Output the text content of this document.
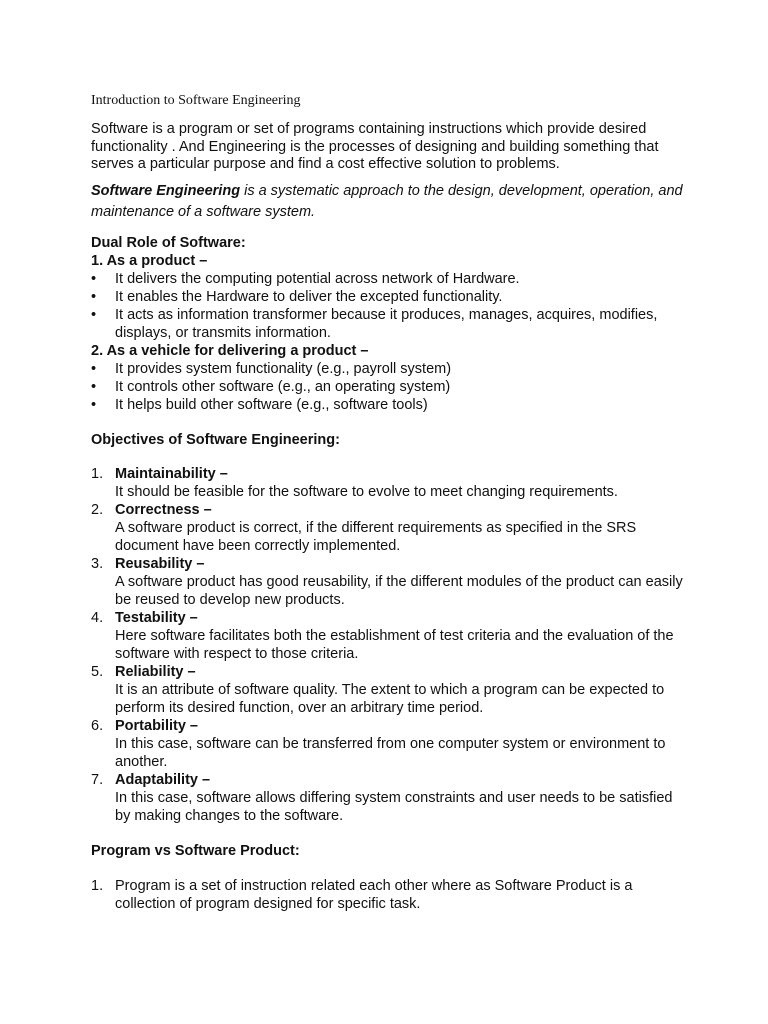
Introduction to Software Engineering
Software is a program or set of programs containing instructions which provide desired functionality . And Engineering is the processes of designing and building something that serves a particular purpose and find a cost effective solution to problems.
Software Engineering is a systematic approach to the design, development, operation, and maintenance of a software system.
Dual Role of Software:
1. As a product –
• It delivers the computing potential across network of Hardware.
• It enables the Hardware to deliver the excepted functionality.
• It acts as information transformer because it produces, manages, acquires, modifies, displays, or transmits information.
2. As a vehicle for delivering a product –
• It provides system functionality (e.g., payroll system)
• It controls other software (e.g., an operating system)
• It helps build other software (e.g., software tools)
Objectives of Software Engineering:
1. Maintainability –
It should be feasible for the software to evolve to meet changing requirements.
2. Correctness –
A software product is correct, if the different requirements as specified in the SRS document have been correctly implemented.
3. Reusability –
A software product has good reusability, if the different modules of the product can easily be reused to develop new products.
4. Testability –
Here software facilitates both the establishment of test criteria and the evaluation of the software with respect to those criteria.
5. Reliability –
It is an attribute of software quality. The extent to which a program can be expected to perform its desired function, over an arbitrary time period.
6. Portability –
In this case, software can be transferred from one computer system or environment to another.
7. Adaptability –
In this case, software allows differing system constraints and user needs to be satisfied by making changes to the software.
Program vs Software Product:
1. Program is a set of instruction related each other where as Software Product is a collection of program designed for specific task.
